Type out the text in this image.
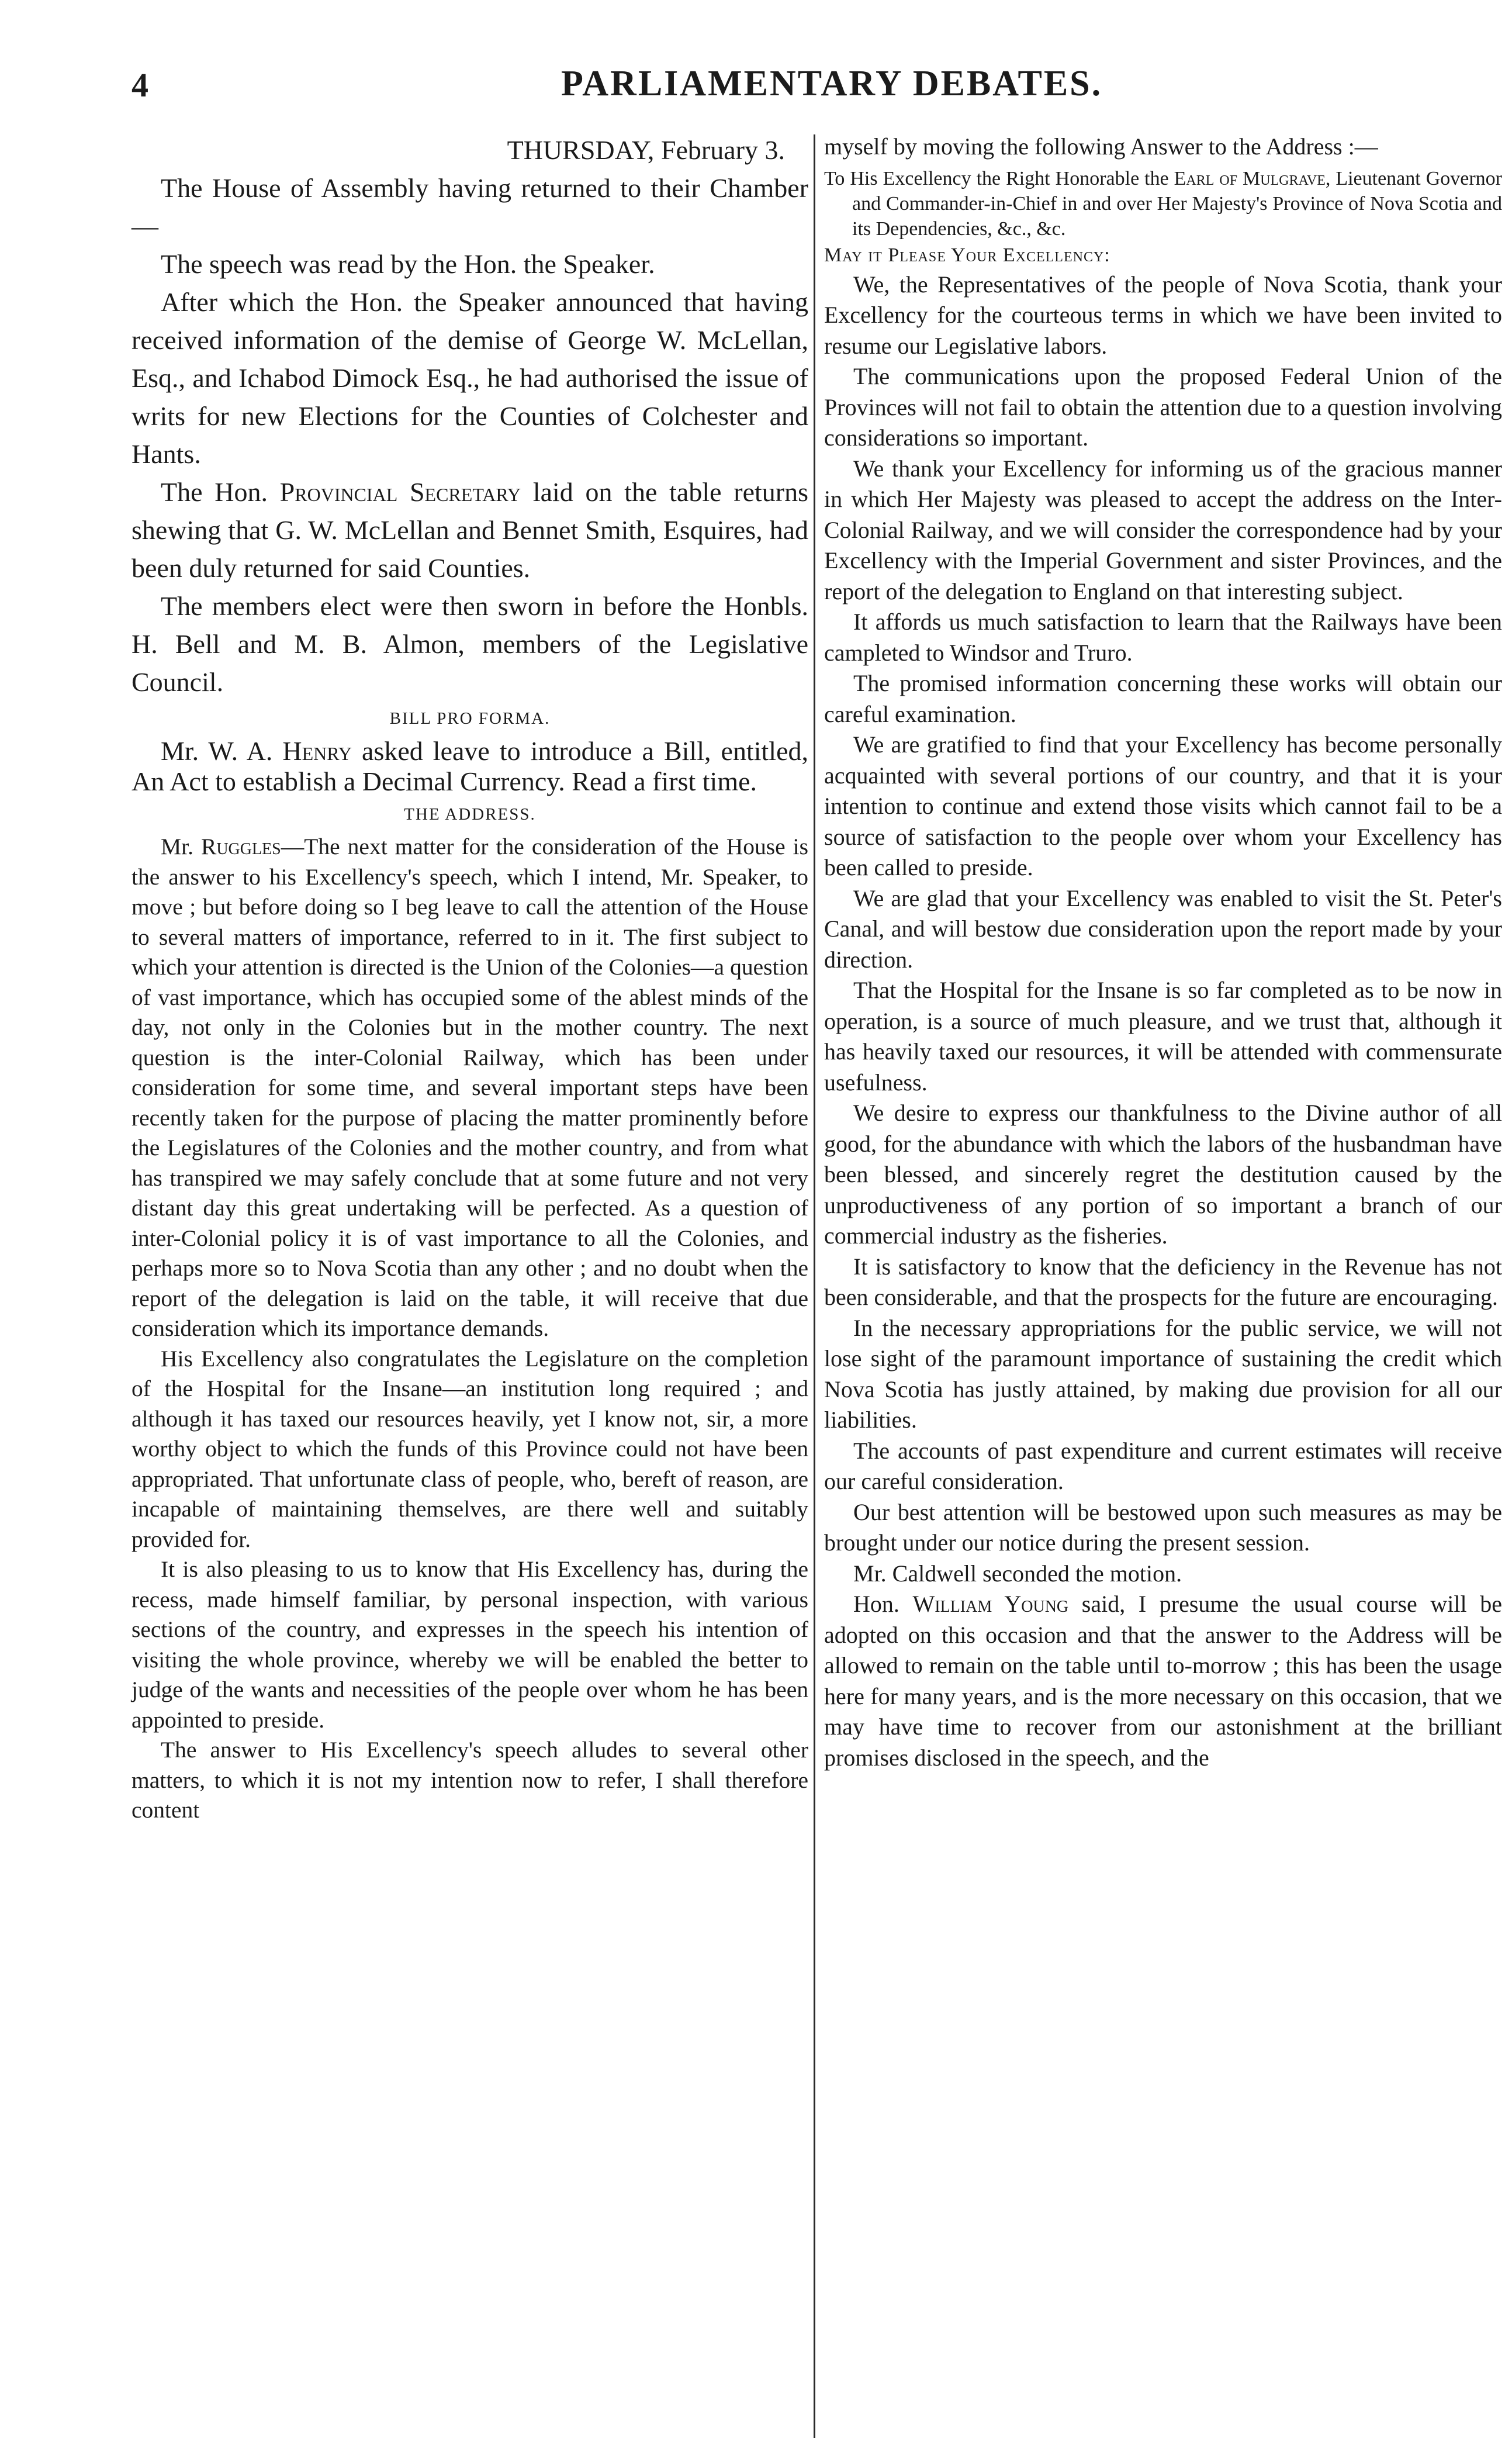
4	PARLIAMENTARY DEBATES.

THURSDAY, February 3.

The House of Assembly having returned to their Chamber—

The speech was read by the Hon. the Speaker.

After which the Hon. the Speaker announced that having received information of the demise of George W. McLellan, Esq., and Ichabod Dimock Esq., he had authorised the issue of writs for new Elections for the Counties of Colchester and Hants.

The Hon. Provincial Secretary laid on the table returns shewing that G. W. McLellan and Bennet Smith, Esquires, had been duly returned for said Counties.

The members elect were then sworn in before the Honbls. H. Bell and M. B. Almon, members of the Legislative Council.

BILL PRO FORMA.

Mr. W. A. Henry asked leave to introduce a Bill, entitled, An Act to establish a Decimal Currency. Read a first time.

THE ADDRESS.

Mr. Ruggles—The next matter for the consideration of the House is the answer to his Excellency's speech, which I intend, Mr. Speaker, to move ; but before doing so I beg leave to call the attention of the House to several matters of importance, referred to in it. The first subject to which your attention is directed is the Union of the Colonies—a question of vast importance, which has occupied some of the ablest minds of the day, not only in the Colonies but in the mother country. The next question is the inter-Colonial Railway, which has been under consideration for some time, and several important steps have been recently taken for the purpose of placing the matter prominently before the Legislatures of the Colonies and the mother country, and from what has transpired we may safely conclude that at some future and not very distant day this great undertaking will be perfected. As a question of inter-Colonial policy it is of vast importance to all the Colonies, and perhaps more so to Nova Scotia than any other ; and no doubt when the report of the delegation is laid on the table, it will receive that due consideration which its importance demands.

His Excellency also congratulates the Legislature on the completion of the Hospital for the Insane—an institution long required ; and although it has taxed our resources heavily, yet I know not, sir, a more worthy object to which the funds of this Province could not have been appropriated. That unfortunate class of people, who, bereft of reason, are incapable of maintaining themselves, are there well and suitably provided for.

It is also pleasing to us to know that His Excellency has, during the recess, made himself familiar, by personal inspection, with various sections of the country, and expresses in the speech his intention of visiting the whole province, whereby we will be enabled the better to judge of the wants and necessities of the people over whom he has been appointed to preside.

The answer to His Excellency's speech alludes to several other matters, to which it is not my intention now to refer, I shall therefore content

myself by moving the following Answer to the Address :—

To His Excellency the Right Honorable the Earl of Mulgrave, Lieutenant Governor and Commander-in-Chief in and over Her Majesty's Province of Nova Scotia and its Dependencies, &c., &c.

May it Please Your Excellency:

We, the Representatives of the people of Nova Scotia, thank your Excellency for the courteous terms in which we have been invited to resume our Legislative labors.

The communications upon the proposed Federal Union of the Provinces will not fail to obtain the attention due to a question involving considerations so important.

We thank your Excellency for informing us of the gracious manner in which Her Majesty was pleased to accept the address on the Inter-Colonial Railway, and we will consider the correspondence had by your Excellency with the Imperial Government and sister Provinces, and the report of the delegation to England on that interesting subject.

It affords us much satisfaction to learn that the Railways have been campleted to Windsor and Truro.

The promised information concerning these works will obtain our careful examination.

We are gratified to find that your Excellency has become personally acquainted with several portions of our country, and that it is your intention to continue and extend those visits which cannot fail to be a source of satisfaction to the people over whom your Excellency has been called to preside.

We are glad that your Excellency was enabled to visit the St. Peter's Canal, and will bestow due consideration upon the report made by your direction.

That the Hospital for the Insane is so far completed as to be now in operation, is a source of much pleasure, and we trust that, although it has heavily taxed our resources, it will be attended with commensurate usefulness.

We desire to express our thankfulness to the Divine author of all good, for the abundance with which the labors of the husbandman have been blessed, and sincerely regret the destitution caused by the unproductiveness of any portion of so important a branch of our commercial industry as the fisheries.

It is satisfactory to know that the deficiency in the Revenue has not been considerable, and that the prospects for the future are encouraging.

In the necessary appropriations for the public service, we will not lose sight of the paramount importance of sustaining the credit which Nova Scotia has justly attained, by making due provision for all our liabilities.

The accounts of past expenditure and current estimates will receive our careful consideration.

Our best attention will be bestowed upon such measures as may be brought under our notice during the present session.

Mr. Caldwell seconded the motion.

Hon. William Young said, I presume the usual course will be adopted on this occasion and that the answer to the Address will be allowed to remain on the table until to-morrow ; this has been the usage here for many years, and is the more necessary on this occasion, that we may have time to recover from our astonishment at the brilliant promises disclosed in the speech, and the
